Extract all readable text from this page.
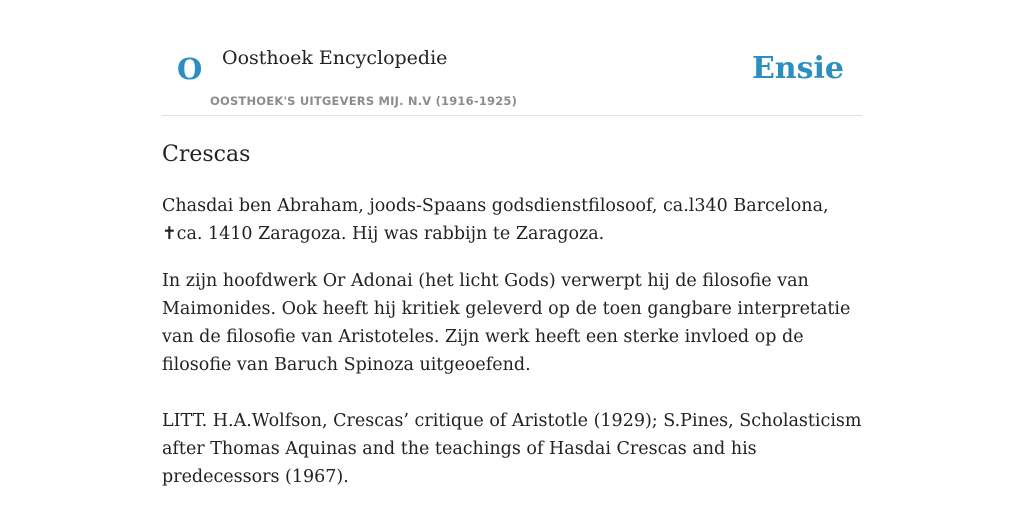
O Oosthoek Encyclopedie
OOSTHOEK'S UITGEVERS MIJ. N.V (1916-1925)
Ensie
Crescas

Chasdai ben Abraham, joods-Spaans godsdienstfilosoof, ca.l340 Barcelona, ✝ca. 1410 Zaragoza. Hij was rabbijn te Zaragoza.

In zijn hoofdwerk Or Adonai (het licht Gods) verwerpt hij de filosofie van Maimonides. Ook heeft hij kritiek geleverd op de toen gangbare interpretatie van de filosofie van Aristoteles. Zijn werk heeft een sterke invloed op de filosofie van Baruch Spinoza uitgeoefend.

LITT. H.A.Wolfson, Crescas’ critique of Aristotle (1929); S.Pines, Scholasticism after Thomas Aquinas and the teachings of Hasdai Crescas and his predecessors (1967).
